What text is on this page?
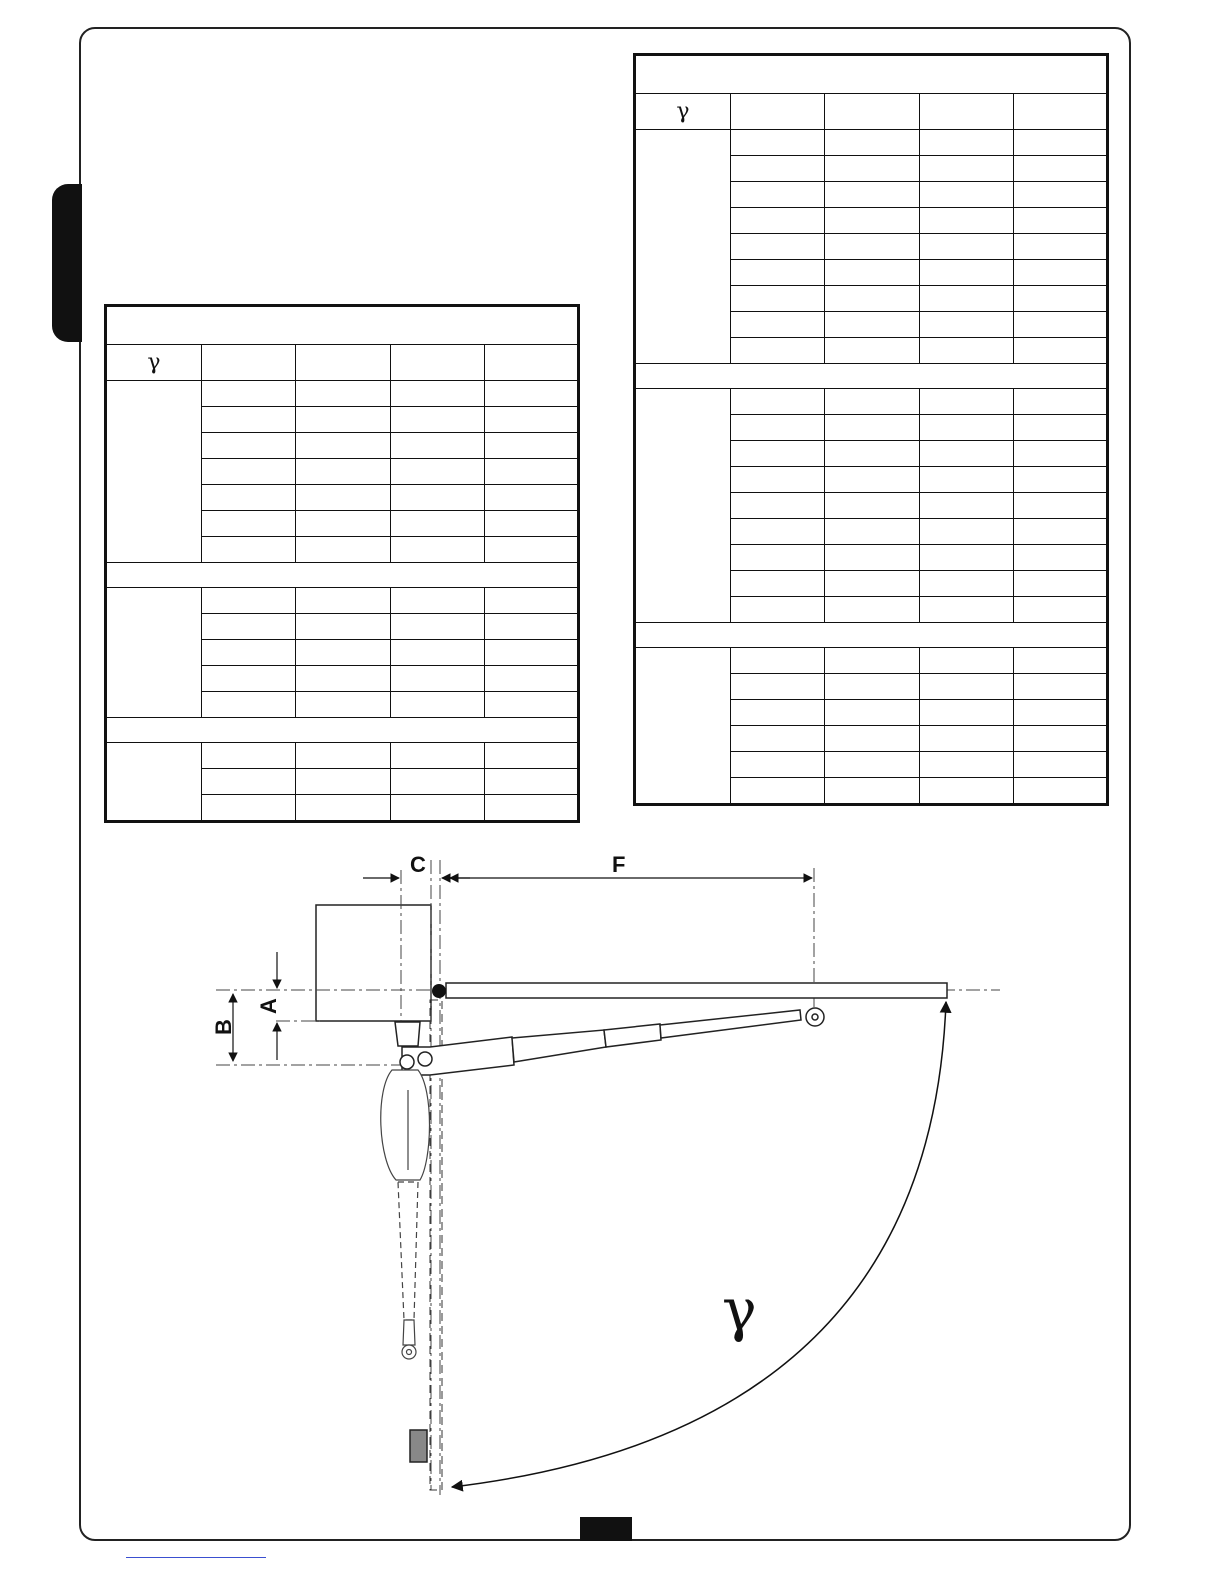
γ				

γ				

C	F
A
B
γ
